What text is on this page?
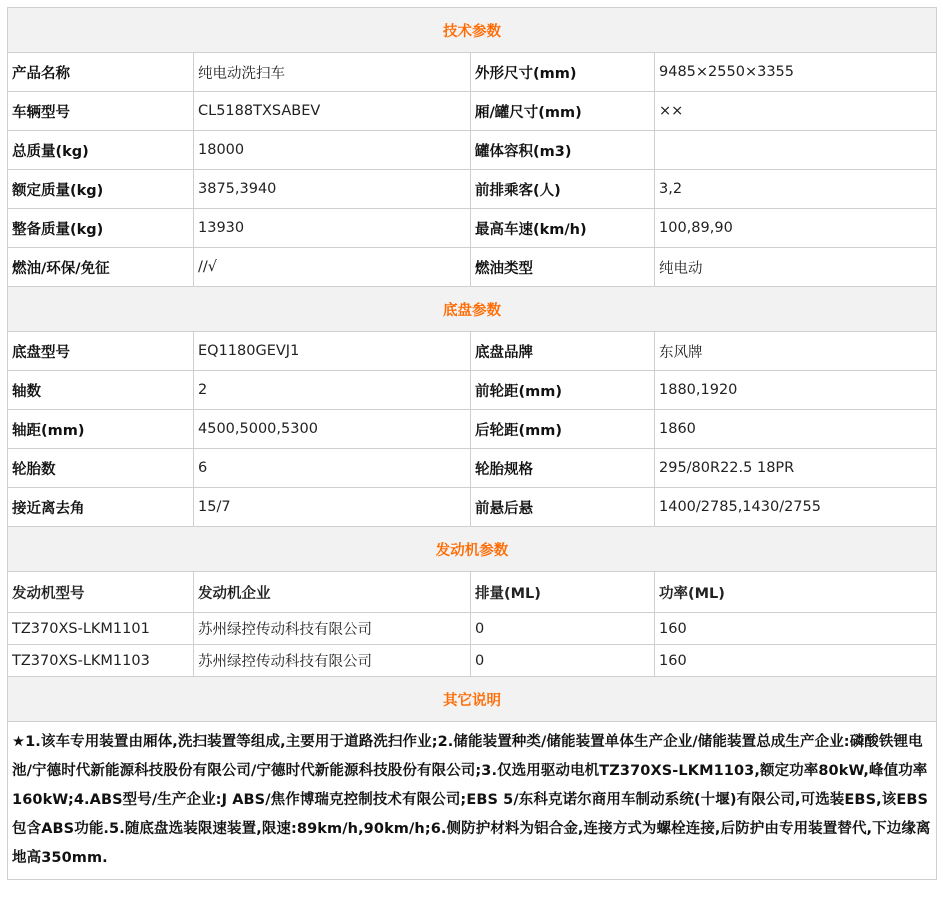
技术参数			
产品名称	纯电动洗扫车	外形尺寸(mm)	9485×2550×3355
车辆型号	CL5188TXSABEV	厢/罐尺寸(mm)	××
总质量(kg)	18000	罐体容积(m3)	
额定质量(kg)	3875,3940	前排乘客(人)	3,2
整备质量(kg)	13930	最高车速(km/h)	100,89,90
燃油/环保/免征	//√	燃油类型	纯电动
底盘参数			
底盘型号	EQ1180GEVJ1	底盘品牌	东风牌
轴数	2	前轮距(mm)	1880,1920
轴距(mm)	4500,5000,5300	后轮距(mm)	1860
轮胎数	6	轮胎规格	295/80R22.5 18PR
接近离去角	15/7	前悬后悬	1400/2785,1430/2755
发动机参数			
发动机型号	发动机企业	排量(ML)	功率(ML)
TZ370XS-LKM1101	苏州绿控传动科技有限公司	0	160
TZ370XS-LKM1103	苏州绿控传动科技有限公司	0	160
其它说明			
★1.该车专用装置由厢体,洗扫装置等组成,主要用于道路洗扫作业;2.储能装置种类/储能装置单体生产企业/储能装置总成生产企业:磷酸铁锂电池/宁德时代新能源科技股份有限公司/宁德时代新能源科技股份有限公司;3.仅选用驱动电机TZ370XS-LKM1103,额定功率80kW,峰值功率160kW;4.ABS型号/生产企业:J ABS/焦作博瑞克控制技术有限公司;EBS 5/东科克诺尔商用车制动系统(十堰)有限公司,可选装EBS,该EBS包含ABS功能.5.随底盘选装限速装置,限速:89km/h,90km/h;6.侧防护材料为铝合金,连接方式为螺栓连接,后防护由专用装置替代,下边缘离地高350mm.			
